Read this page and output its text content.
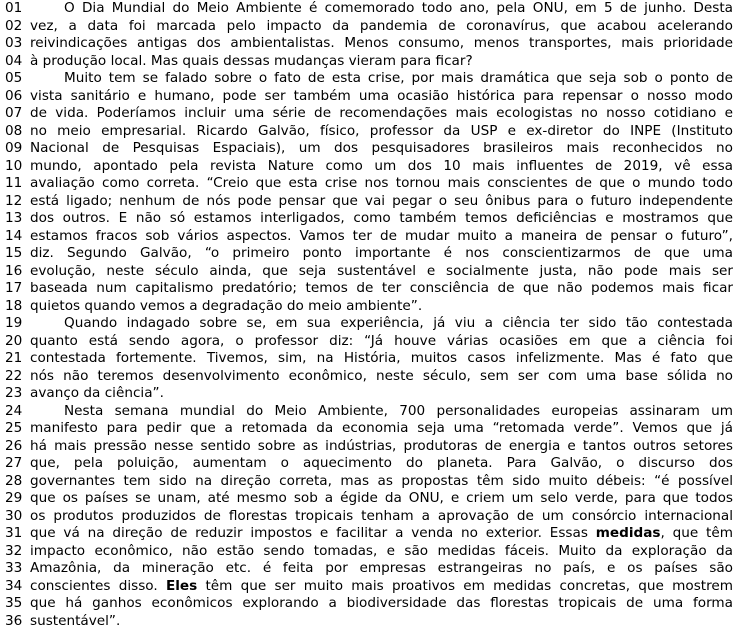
01	O Dia Mundial do Meio Ambiente é comemorado todo ano, pela ONU, em 5 de junho. Desta
02 vez, a data foi marcada pelo impacto da pandemia de coronavírus, que acabou acelerando
03 reivindicações antigas dos ambientalistas. Menos consumo, menos transportes, mais prioridade
04 à produção local. Mas quais dessas mudanças vieram para ficar?
05	Muito tem se falado sobre o fato de esta crise, por mais dramática que seja sob o ponto de
06 vista sanitário e humano, pode ser também uma ocasião histórica para repensar o nosso modo
07 de vida. Poderíamos incluir uma série de recomendações mais ecologistas no nosso cotidiano e
08 no meio empresarial. Ricardo Galvão, físico, professor da USP e ex-diretor do INPE (Instituto
09 Nacional de Pesquisas Espaciais), um dos pesquisadores brasileiros mais reconhecidos no
10 mundo, apontado pela revista Nature como um dos 10 mais influentes de 2019, vê essa
11 avaliação como correta. “Creio que esta crise nos tornou mais conscientes de que o mundo todo
12 está ligado; nenhum de nós pode pensar que vai pegar o seu ônibus para o futuro independente
13 dos outros. E não só estamos interligados, como também temos deficiências e mostramos que
14 estamos fracos sob vários aspectos. Vamos ter de mudar muito a maneira de pensar o futuro”,
15 diz. Segundo Galvão, “o primeiro ponto importante é nos conscientizarmos de que uma
16 evolução, neste século ainda, que seja sustentável e socialmente justa, não pode mais ser
17 baseada num capitalismo predatório; temos de ter consciência de que não podemos mais ficar
18 quietos quando vemos a degradação do meio ambiente”.
19	Quando indagado sobre se, em sua experiência, já viu a ciência ter sido tão contestada
20 quanto está sendo agora, o professor diz: “Já houve várias ocasiões em que a ciência foi
21 contestada fortemente. Tivemos, sim, na História, muitos casos infelizmente. Mas é fato que
22 nós não teremos desenvolvimento econômico, neste século, sem ser com uma base sólida no
23 avanço da ciência”.
24	Nesta semana mundial do Meio Ambiente, 700 personalidades europeias assinaram um
25 manifesto para pedir que a retomada da economia seja uma “retomada verde”. Vemos que já
26 há mais pressão nesse sentido sobre as indústrias, produtoras de energia e tantos outros setores
27 que, pela poluição, aumentam o aquecimento do planeta. Para Galvão, o discurso dos
28 governantes tem sido na direção correta, mas as propostas têm sido muito débeis: “é possível
29 que os países se unam, até mesmo sob a égide da ONU, e criem um selo verde, para que todos
30 os produtos produzidos de florestas tropicais tenham a aprovação de um consórcio internacional
31 que vá na direção de reduzir impostos e facilitar a venda no exterior. Essas medidas, que têm
32 impacto econômico, não estão sendo tomadas, e são medidas fáceis. Muito da exploração da
33 Amazônia, da mineração etc. é feita por empresas estrangeiras no país, e os países são
34 conscientes disso. Eles têm que ser muito mais proativos em medidas concretas, que mostrem
35 que há ganhos econômicos explorando a biodiversidade das florestas tropicais de uma forma
36 sustentável”.
